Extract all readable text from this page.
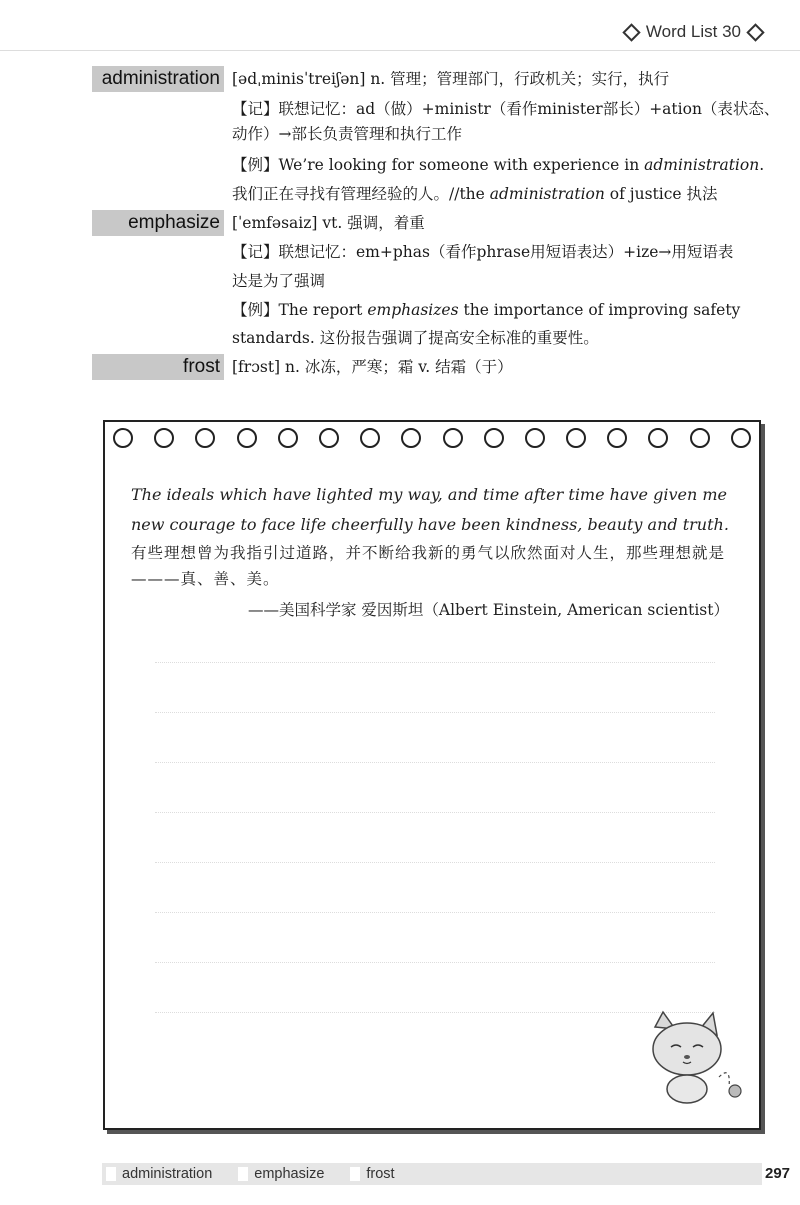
Word List 30
administration [ədˌminisˈtreiʃən] n. 管理；管理部门，行政机关；实行，执行
【记】联想记忆：ad（做）+ministr（看作minister部长）+ation（表状态、
动作）→部长负责管理和执行工作
【例】We’re looking for someone with experience in administration.
我们正在寻找有管理经验的人。//the administration of justice 执法
emphasize [ˈemfəsaiz] vt. 强调，着重
【记】联想记忆：em+phas（看作phrase用短语表达）+ize→用短语表
达是为了强调
【例】The report emphasizes the importance of improving safety
standards. 这份报告强调了提高安全标准的重要性。
frost [frɔst] n. 冰冻，严寒；霜 v. 结霜（于）
The ideals which have lighted my way, and time after time have given me new courage to face life cheerfully have been kindness, beauty and truth.
有些理想曾为我指引过道路，并不断给我新的勇气以欣然面对人生，那些理想就是———真、善、美。
——美国科学家 爱因斯坦（Albert Einstein, American scientist）
administration	emphasize	frost	297
